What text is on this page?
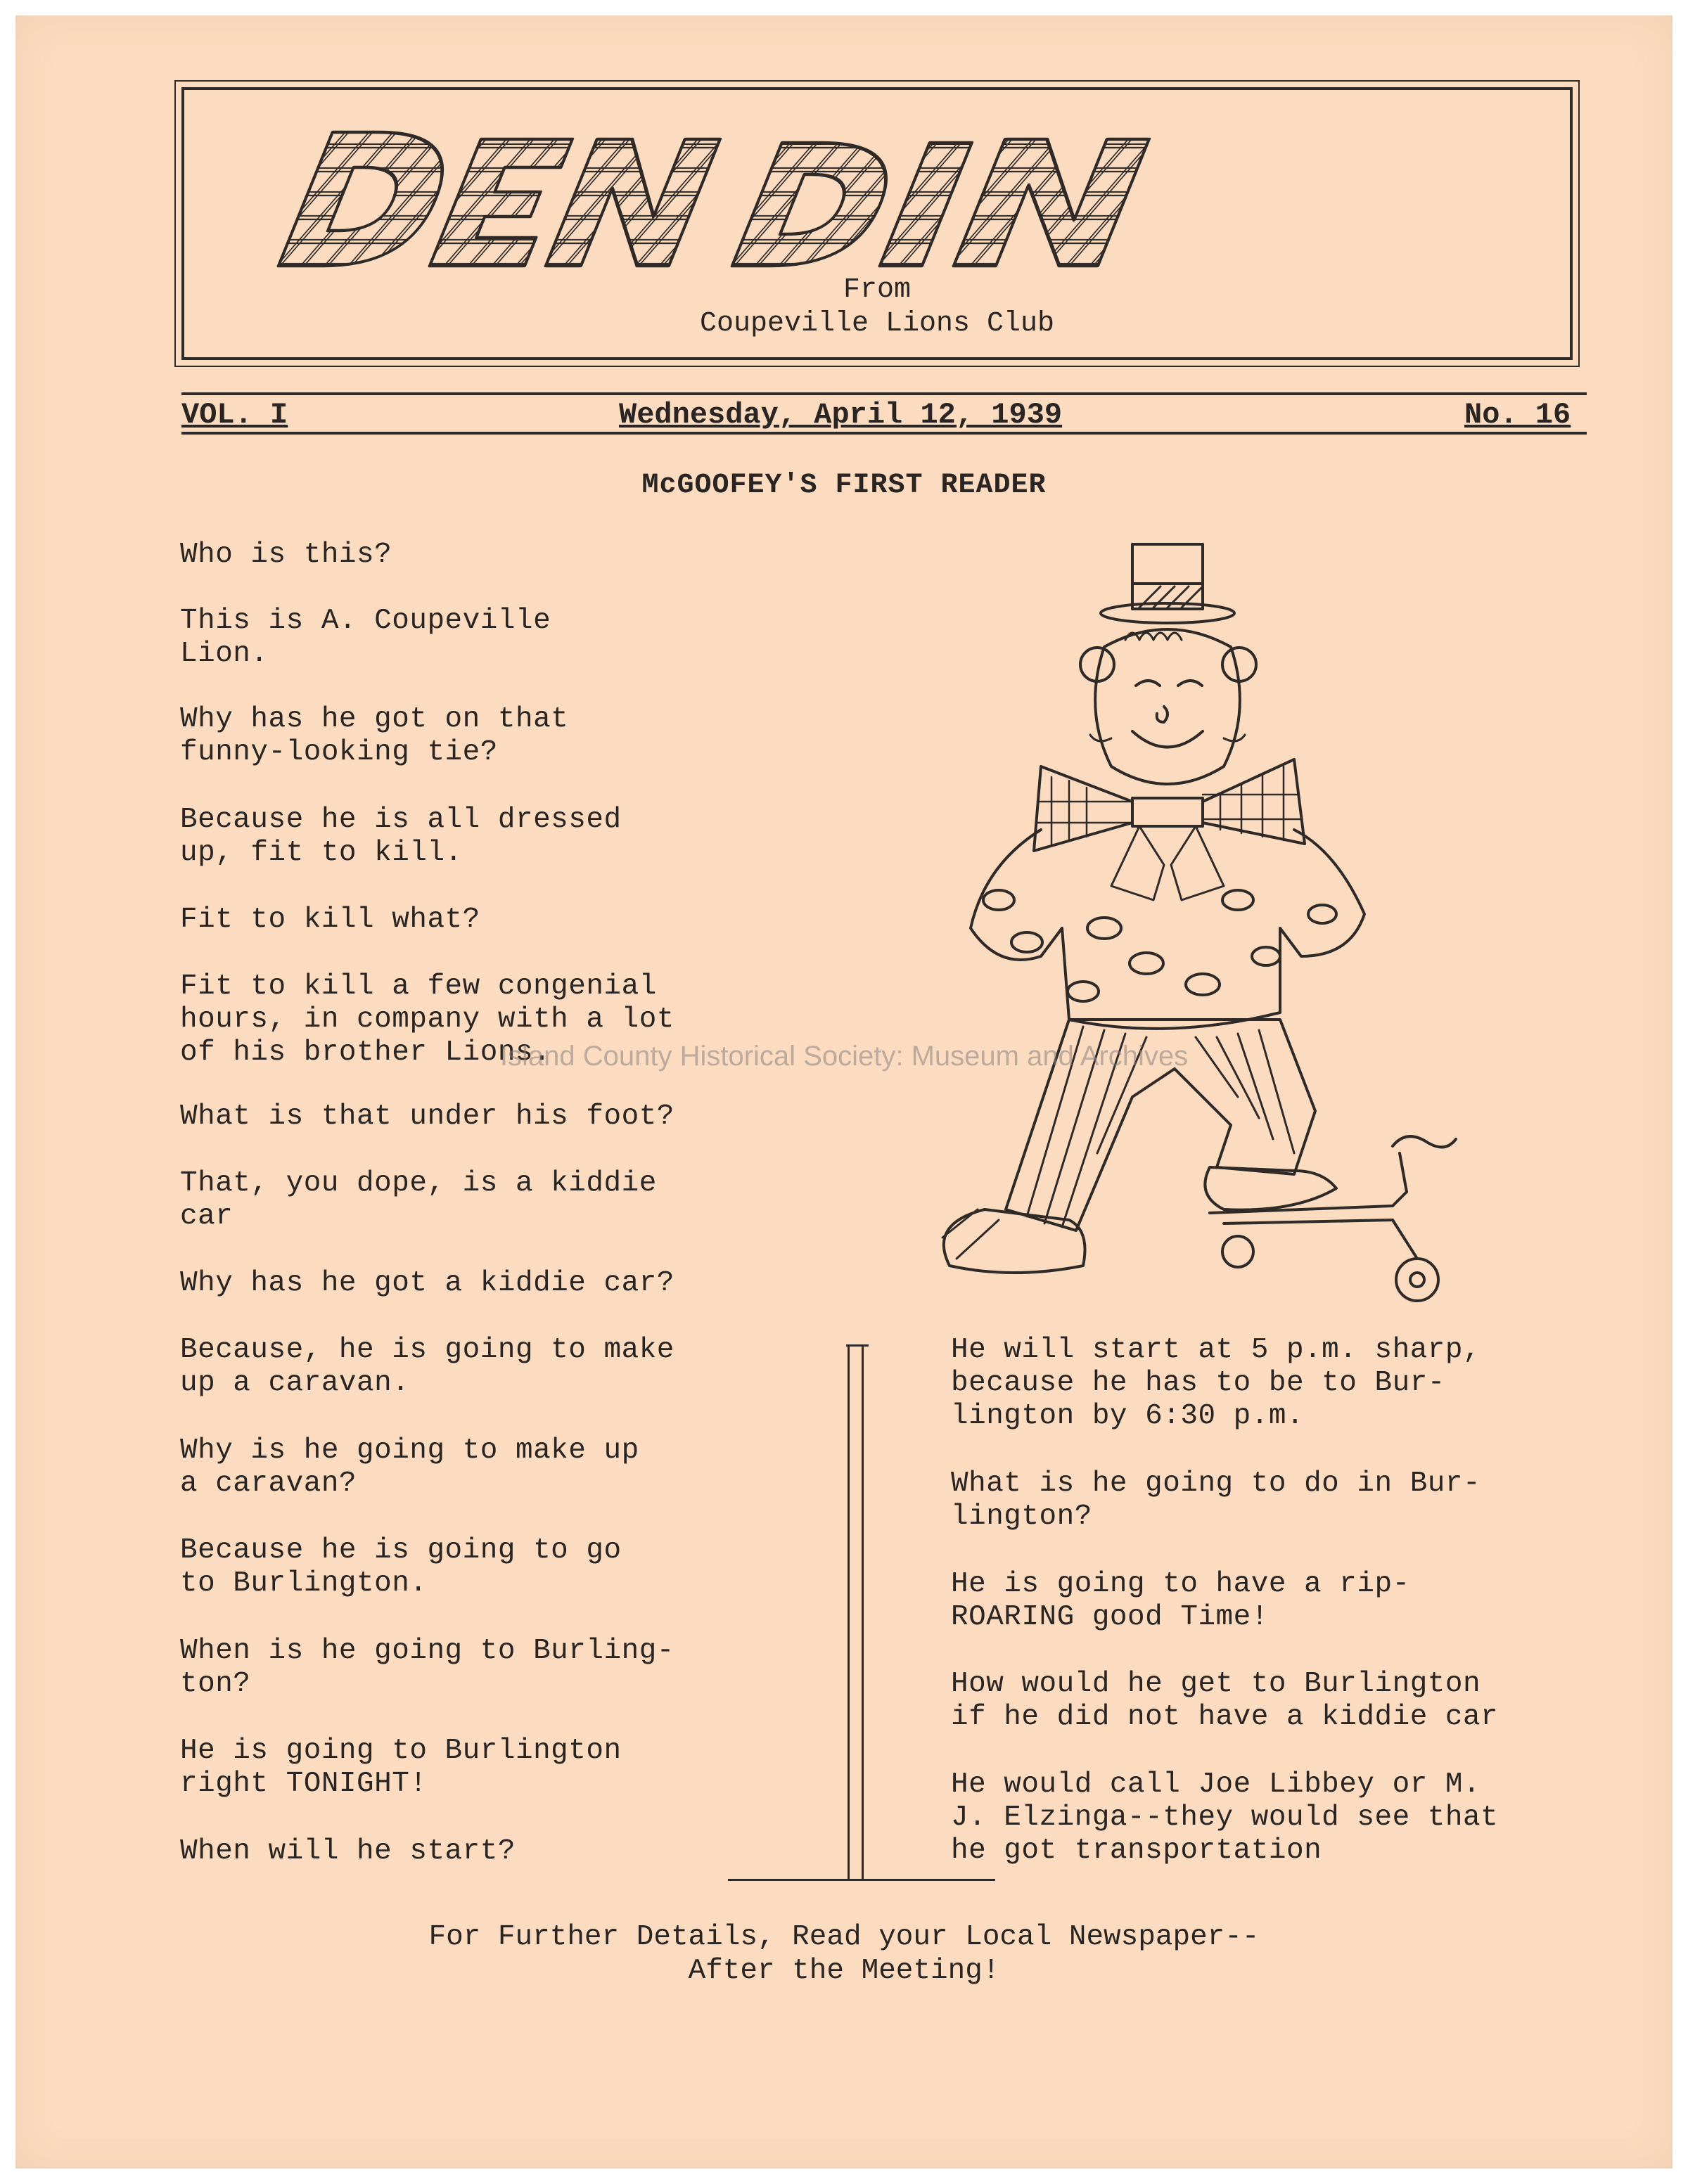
From
Coupeville Lions Club
VOL. I	Wednesday, April 12, 1939	No. 16
McGOOFEY'S FIRST READER
Who is this?
This is A. Coupeville
Lion.
Why has he got on that
funny-looking tie?
Because he is all dressed
up, fit to kill.
Fit to kill what?
Fit to kill a few congenial
hours, in company with a lot
of his brother Lions.
What is that under his foot?
That, you dope, is a kiddie
car
Why has he got a kiddie car?
Because, he is going to make
up a caravan.
Why is he going to make up
a caravan?
Because he is going to go
to Burlington.
When is he going to Burling-
ton?
He is going to Burlington
right TONIGHT!
When will he start?
He will start at 5 p.m. sharp,
because he has to be to Bur-
lington by 6:30 p.m.
What is he going to do in Bur-
lington?
He is going to have a rip-
ROARING good Time!
How would he get to Burlington
if he did not have a kiddie car
He would call Joe Libbey or M.
J. Elzinga--they would see that
he got transportation
Island County Historical Society: Museum and Archives
For Further Details, Read your Local Newspaper--
After the Meeting!
